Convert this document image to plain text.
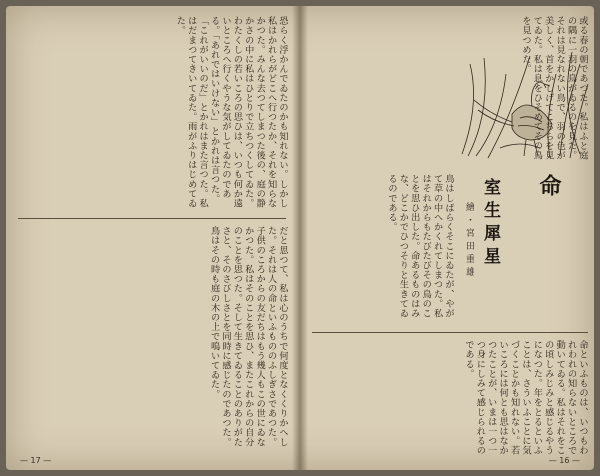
恐らく浮かんでゐたのかも知れない。しかし私はかれらがどこへ行つたか、それを知らなかつた。みんな去つてしまつた後の、庭の静かさの中に私はひとりで立ちつくしてゐた。わたくしの若いころの思ひは、いつも何か遠いところへ行くやうな気がしてゐたのである。「あれではいけない」とかれは言つた。「これがいいのだ」とかれはまた言つた。私はだまつてきいてゐた。雨がふりはじめてゐた。
だと思つて、私は心のうちで何度となくくりかへした。それは人の命といふもののふしぎさであつた。子供のころからの友だちはもう幾人もこの世にゐなかつた。私はそのことを思ひ、またこれからの自分のことを思つた。そして生きてゐることのありがたさと、そのさびしさとを同時に感じたのであつた。鳥はその時も庭の木の上で鳴いてゐた。
— 17 —
或る春の朝であつた。私はふと庭の隅に一羽の鳥がゐるのを見た。それは見なれない鳥で、羽の色が美しく、首をかしげてこちらを見てゐた。私は息をひそめてその鳥を見つめた。
命
室生犀星
繪・宮田重雄
鳥はしばらくそこにゐたが、やがて草の中へかくれてしまつた。私はそれからもたびたびその鳥のことを思ひ出した。命あるものはみな、どこかでひつそりと生きてゐるのである。
命といふものは、いつもわれわれの知らないところで動いてゐる。私はそれをこの頃しみじみと感じるやうになつた。年をとるといふことは、さういふことに気づくことかも知れない。若いころには何とも思はなかつたことが、いまは一つ一つ身にしみて感じられるのである。
— 16 —
